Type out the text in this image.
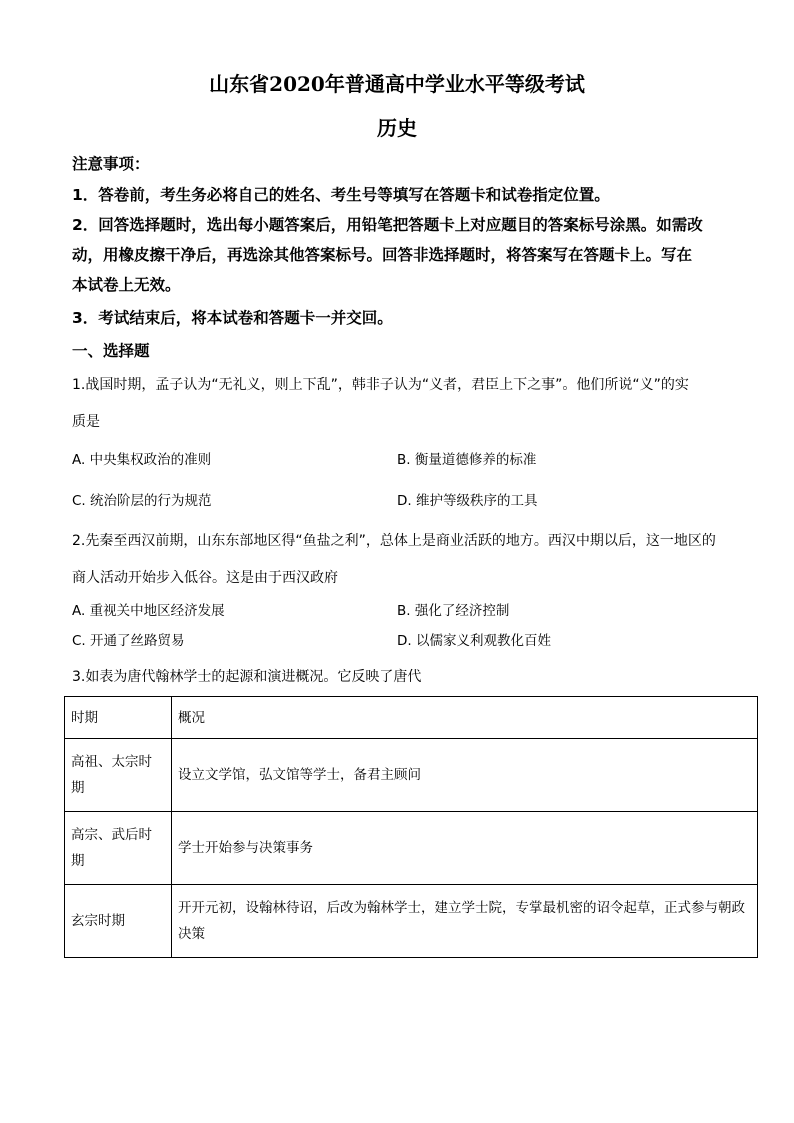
山东省2020年普通高中学业水平等级考试
历史
注意事项：
1．答卷前，考生务必将自己的姓名、考生号等填写在答题卡和试卷指定位置。
2．回答选择题时，选出每小题答案后，用铅笔把答题卡上对应题目的答案标号涂黑。如需改
动，用橡皮擦干净后，再选涂其他答案标号。回答非选择题时，将答案写在答题卡上。写在
本试卷上无效。
3．考试结束后，将本试卷和答题卡一并交回。
一、选择题
1.战国时期，孟子认为“无礼义，则上下乱”，韩非子认为“义者，君臣上下之事”。他们所说“义”的实
质是
A. 中央集权政治的准则	B. 衡量道德修养的标准
C. 统治阶层的行为规范	D. 维护等级秩序的工具
2.先秦至西汉前期，山东东部地区得“鱼盐之利”，总体上是商业活跃的地方。西汉中期以后，这一地区的
商人活动开始步入低谷。这是由于西汉政府
A. 重视关中地区经济发展	B. 强化了经济控制
C. 开通了丝路贸易	D. 以儒家义利观教化百姓
3.如表为唐代翰林学士的起源和演进概况。它反映了唐代
时期	概况
高祖、太宗时期	设立文学馆，弘文馆等学士，备君主顾问
高宗、武后时期	学士开始参与决策事务
玄宗时期	开开元初，设翰林待诏，后改为翰林学士，建立学士院，专掌最机密的诏令起草，正式参与朝政决策
